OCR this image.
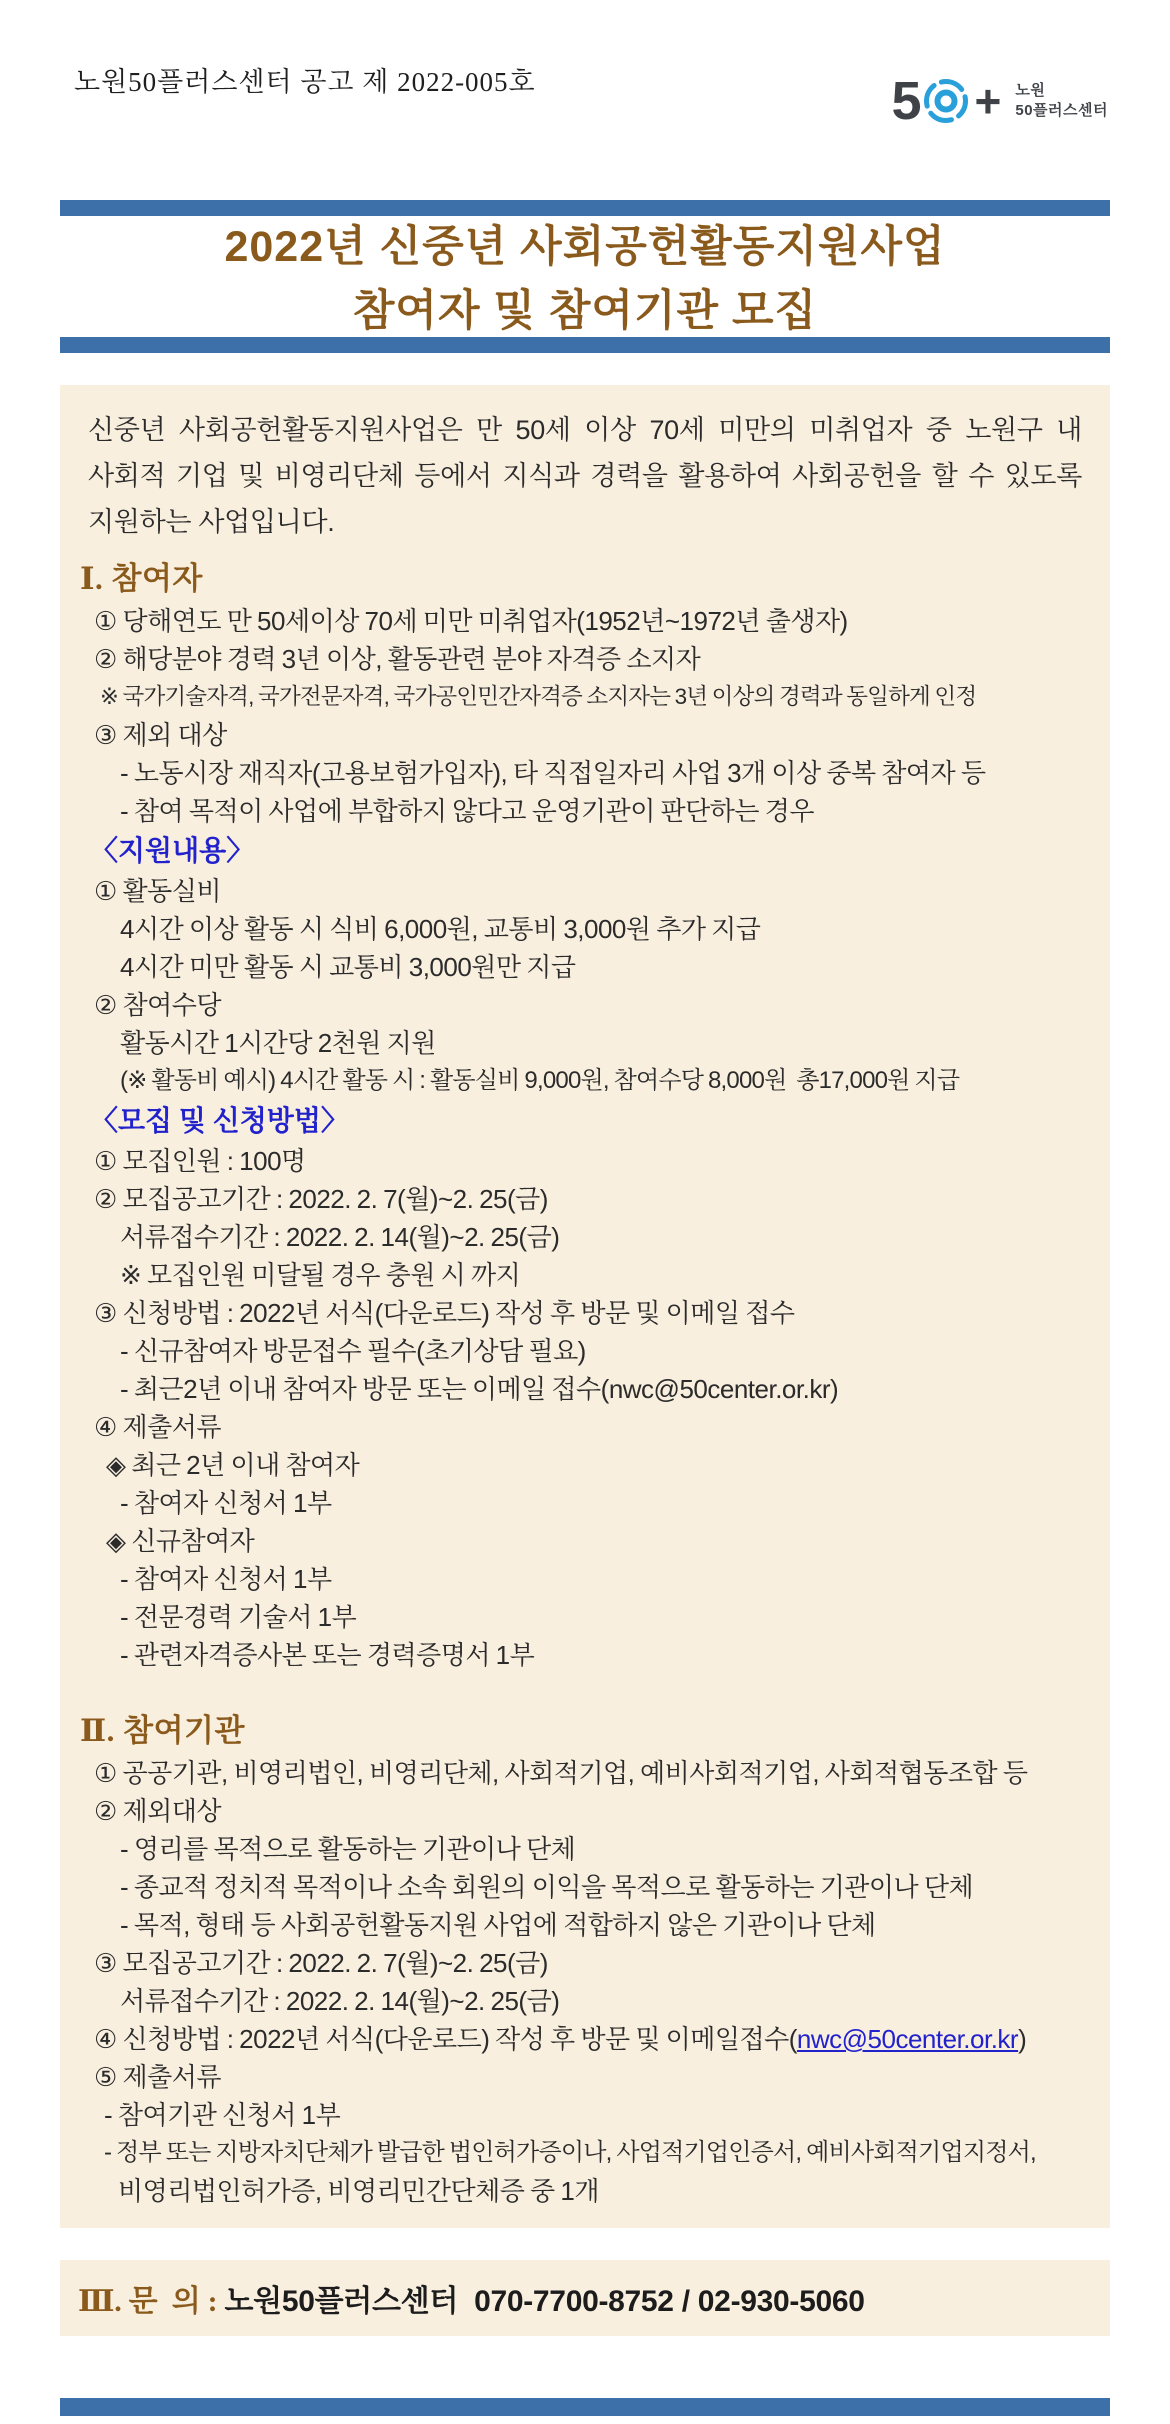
노원50플러스센터 공고 제 2022-005호	5 + 노원
50플러스센터
2022년 신중년 사회공헌활동지원사업
참여자 및 참여기관 모집
신중년 사회공헌활동지원사업은 만 50세 이상 70세 미만의 미취업자 중 노원구 내 사회적 기업 및 비영리단체 등에서 지식과 경력을 활용하여 사회공헌을 할 수 있도록 지원하는 사업입니다.
Ⅰ. 참여자
① 당해연도 만 50세이상 70세 미만 미취업자(1952년~1972년 출생자)
② 해당분야 경력 3년 이상, 활동관련 분야 자격증 소지자
※ 국가기술자격, 국가전문자격, 국가공인민간자격증 소지자는 3년 이상의 경력과 동일하게 인정
③ 제외 대상
- 노동시장 재직자(고용보험가입자), 타 직접일자리 사업 3개 이상 중복 참여자 등
- 참여 목적이 사업에 부합하지 않다고 운영기관이 판단하는 경우
〈지원내용〉
① 활동실비
4시간 이상 활동 시 식비 6,000원, 교통비 3,000원 추가 지급
4시간 미만 활동 시 교통비 3,000원만 지급
② 참여수당
활동시간 1시간당 2천원 지원
(※ 활동비 예시) 4시간 활동 시 : 활동실비 9,000원, 참여수당 8,000원  총17,000원 지급
〈모집 및 신청방법〉
① 모집인원 : 100명
② 모집공고기간 : 2022. 2. 7(월)~2. 25(금)
서류접수기간 : 2022. 2. 14(월)~2. 25(금)
※ 모집인원 미달될 경우 충원 시 까지
③ 신청방법 : 2022년 서식(다운로드) 작성 후 방문 및 이메일 접수
- 신규참여자 방문접수 필수(초기상담 필요)
- 최근2년 이내 참여자 방문 또는 이메일 접수(nwc@50center.or.kr)
④ 제출서류
◈ 최근 2년 이내 참여자
- 참여자 신청서 1부
◈ 신규참여자
- 참여자 신청서 1부
- 전문경력 기술서 1부
- 관련자격증사본 또는 경력증명서 1부
Ⅱ. 참여기관
① 공공기관, 비영리법인, 비영리단체, 사회적기업, 예비사회적기업, 사회적협동조합 등
② 제외대상
- 영리를 목적으로 활동하는 기관이나 단체
- 종교적 정치적 목적이나 소속 회원의 이익을 목적으로 활동하는 기관이나 단체
- 목적, 형태 등 사회공헌활동지원 사업에 적합하지 않은 기관이나 단체
③ 모집공고기간 : 2022. 2. 7(월)~2. 25(금)
서류접수기간 : 2022. 2. 14(월)~2. 25(금)
④ 신청방법 : 2022년 서식(다운로드) 작성 후 방문 및 이메일접수(nwc@50center.or.kr)
⑤ 제출서류
- 참여기관 신청서 1부
- 정부 또는 지방자치단체가 발급한 법인허가증이나, 사업적기업인증서, 예비사회적기업지정서,
비영리법인허가증, 비영리민간단체증 중 1개
Ⅲ. 문  의 : 노원50플러스센터  070-7700-8752 / 02-930-5060
